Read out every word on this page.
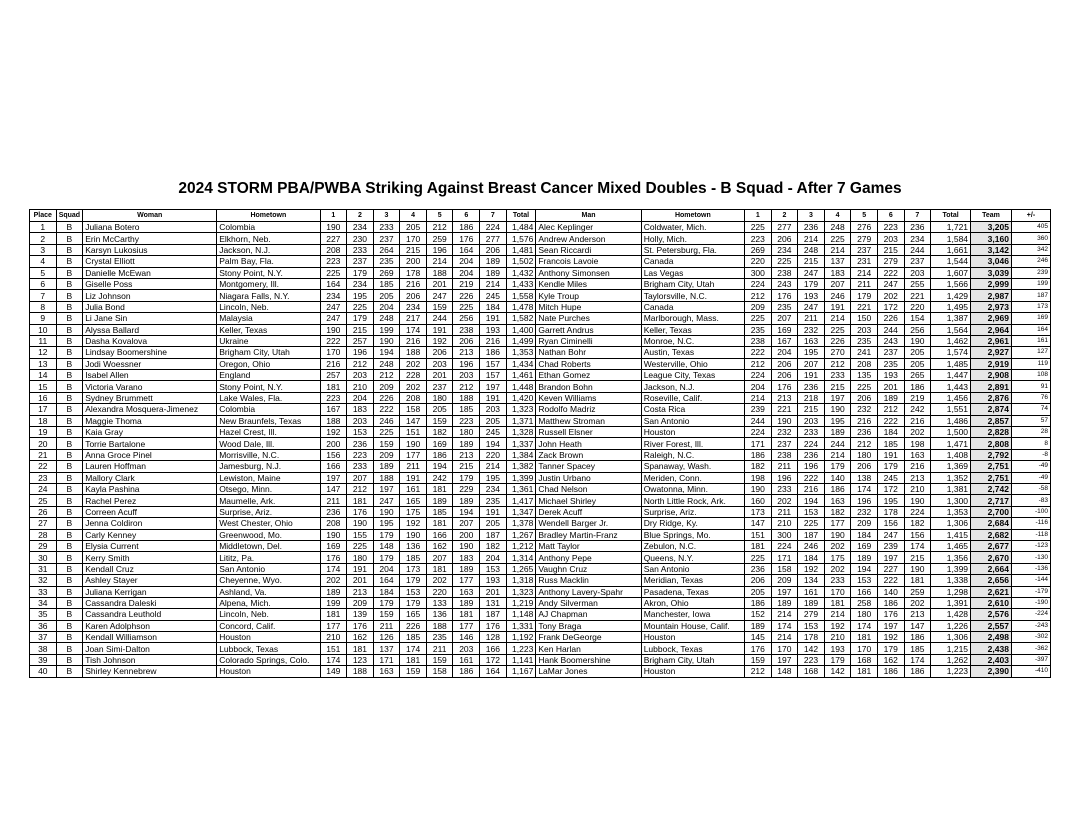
2024 STORM PBA/PWBA Striking Against Breast Cancer Mixed Doubles - B Squad - After 7 Games
Place	Squad	Woman	Hometown	1	2	3	4	5	6	7	Total	Man	Hometown	1	2	3	4	5	6	7	Total	Team	+/-
1	B	Juliana Botero	Colombia	190	234	233	205	212	186	224	1,484	Alec Keplinger	Coldwater, Mich.	225	277	236	248	276	223	236	1,721	3,205	405
2	B	Erin McCarthy	Elkhorn, Neb.	227	230	237	170	259	176	277	1,576	Andrew Anderson	Holly, Mich.	223	206	214	225	279	203	234	1,584	3,160	360
3	B	Karsyn Lukosius	Jackson, N.J.	208	233	264	215	196	164	206	1,481	Sean Riccardi	St. Petersburg, Fla.	269	234	248	214	237	215	244	1,661	3,142	342
4	B	Crystal Elliott	Palm Bay, Fla.	223	237	235	200	214	204	189	1,502	Francois Lavoie	Canada	220	225	215	137	231	279	237	1,544	3,046	246
5	B	Danielle McEwan	Stony Point, N.Y.	225	179	269	178	188	204	189	1,432	Anthony Simonsen	Las Vegas	300	238	247	183	214	222	203	1,607	3,039	239
6	B	Giselle Poss	Montgomery, Ill.	164	234	185	216	201	219	214	1,433	Kendle Miles	Brigham City, Utah	224	243	179	207	211	247	255	1,566	2,999	199
7	B	Liz Johnson	Niagara Falls, N.Y.	234	195	205	206	247	226	245	1,558	Kyle Troup	Taylorsville, N.C.	212	176	193	246	179	202	221	1,429	2,987	187
8	B	Julia Bond	Lincoln, Neb.	247	225	204	234	159	225	184	1,478	Mitch Hupe	Canada	209	235	247	191	221	172	220	1,495	2,973	173
9	B	Li Jane Sin	Malaysia	247	179	248	217	244	256	191	1,582	Nate Purches	Marlborough, Mass.	225	207	211	214	150	226	154	1,387	2,969	169
10	B	Alyssa Ballard	Keller, Texas	190	215	199	174	191	238	193	1,400	Garrett Andrus	Keller, Texas	235	169	232	225	203	244	256	1,564	2,964	164
11	B	Dasha Kovalova	Ukraine	222	257	190	216	192	206	216	1,499	Ryan Ciminelli	Monroe, N.C.	238	167	163	226	235	243	190	1,462	2,961	161
12	B	Lindsay Boomershine	Brigham City, Utah	170	196	194	188	206	213	186	1,353	Nathan Bohr	Austin, Texas	222	204	195	270	241	237	205	1,574	2,927	127
13	B	Jodi Woessner	Oregon, Ohio	216	212	248	202	203	196	157	1,434	Chad Roberts	Westerville, Ohio	212	206	207	212	208	235	205	1,485	2,919	119
14	B	Isabel Allen	England	257	203	212	228	201	203	157	1,461	Ethan Gomez	League City, Texas	224	206	191	233	135	193	265	1,447	2,908	108
15	B	Victoria Varano	Stony Point, N.Y.	181	210	209	202	237	212	197	1,448	Brandon Bohn	Jackson, N.J.	204	176	236	215	225	201	186	1,443	2,891	91
16	B	Sydney Brummett	Lake Wales, Fla.	223	204	226	208	180	188	191	1,420	Keven Williams	Roseville, Calif.	214	213	218	197	206	189	219	1,456	2,876	76
17	B	Alexandra Mosquera-Jimenez	Colombia	167	183	222	158	205	185	203	1,323	Rodolfo Madriz	Costa Rica	239	221	215	190	232	212	242	1,551	2,874	74
18	B	Maggie Thoma	New Braunfels, Texas	188	203	246	147	159	223	205	1,371	Matthew Stroman	San Antonio	244	190	203	195	216	222	216	1,486	2,857	57
19	B	Kaia Gray	Hazel Crest, Ill.	192	153	225	151	182	180	245	1,328	Russell Elsner	Houston	224	232	233	189	236	184	202	1,500	2,828	28
20	B	Torrie Bartalone	Wood Dale, Ill.	200	236	159	190	169	189	194	1,337	John Heath	River Forest, Ill.	171	237	224	244	212	185	198	1,471	2,808	8
21	B	Anna Groce Pinel	Morrisville, N.C.	156	223	209	177	186	213	220	1,384	Zack Brown	Raleigh, N.C.	186	238	236	214	180	191	163	1,408	2,792	-8
22	B	Lauren Hoffman	Jamesburg, N.J.	166	233	189	211	194	215	214	1,382	Tanner Spacey	Spanaway, Wash.	182	211	196	179	206	179	216	1,369	2,751	-49
23	B	Mallory Clark	Lewiston, Maine	197	207	188	191	242	179	195	1,399	Justin Urbano	Meriden, Conn.	198	196	222	140	138	245	213	1,352	2,751	-49
24	B	Kayla Pashina	Otsego, Minn.	147	212	197	161	181	229	234	1,361	Chad Nelson	Owatonna, Minn.	190	233	216	186	174	172	210	1,381	2,742	-58
25	B	Rachel Perez	Maumelle, Ark.	211	181	247	165	189	189	235	1,417	Michael Shirley	North Little Rock, Ark.	160	202	194	163	196	195	190	1,300	2,717	-83
26	B	Correen Acuff	Surprise, Ariz.	236	176	190	175	185	194	191	1,347	Derek Acuff	Surprise, Ariz.	173	211	153	182	232	178	224	1,353	2,700	-100
27	B	Jenna Coldiron	West Chester, Ohio	208	190	195	192	181	207	205	1,378	Wendell Barger Jr.	Dry Ridge, Ky.	147	210	225	177	209	156	182	1,306	2,684	-116
28	B	Carly Kenney	Greenwood, Mo.	190	155	179	190	166	200	187	1,267	Bradley Martin-Franz	Blue Springs, Mo.	151	300	187	190	184	247	156	1,415	2,682	-118
29	B	Elysia Current	Middletown, Del.	169	225	148	136	162	190	182	1,212	Matt Taylor	Zebulon, N.C.	181	224	246	202	169	239	174	1,465	2,677	-123
30	B	Kerry Smith	Lititz, Pa.	176	180	179	185	207	183	204	1,314	Anthony Pepe	Queens, N.Y.	225	171	184	175	189	197	215	1,356	2,670	-130
31	B	Kendall Cruz	San Antonio	174	191	204	173	181	189	153	1,265	Vaughn Cruz	San Antonio	236	158	192	202	194	227	190	1,399	2,664	-136
32	B	Ashley Stayer	Cheyenne, Wyo.	202	201	164	179	202	177	193	1,318	Russ Macklin	Meridian, Texas	206	209	134	233	153	222	181	1,338	2,656	-144
33	B	Juliana Kerrigan	Ashland, Va.	189	213	184	153	220	163	201	1,323	Anthony Lavery-Spahr	Pasadena, Texas	205	197	161	170	166	140	259	1,298	2,621	-179
34	B	Cassandra Daleski	Alpena, Mich.	199	209	179	179	133	189	131	1,219	Andy Silverman	Akron, Ohio	186	189	189	181	258	186	202	1,391	2,610	-190
35	B	Cassandra Leuthold	Lincoln, Neb.	181	139	159	165	136	181	187	1,148	AJ Chapman	Manchester, Iowa	152	214	279	214	180	176	213	1,428	2,576	-224
36	B	Karen Adolphson	Concord, Calif.	177	176	211	226	188	177	176	1,331	Tony Braga	Mountain House, Calif.	189	174	153	192	174	197	147	1,226	2,557	-243
37	B	Kendall Williamson	Houston	210	162	126	185	235	146	128	1,192	Frank DeGeorge	Houston	145	214	178	210	181	192	186	1,306	2,498	-302
38	B	Joan Simi-Dalton	Lubbock, Texas	151	181	137	174	211	203	166	1,223	Ken Harlan	Lubbock, Texas	176	170	142	193	170	179	185	1,215	2,438	-362
39	B	Tish Johnson	Colorado Springs, Colo.	174	123	171	181	159	161	172	1,141	Hank Boomershine	Brigham City, Utah	159	197	223	179	168	162	174	1,262	2,403	-397
40	B	Shirley Kennebrew	Houston	149	188	163	159	158	186	164	1,167	LaMar Jones	Houston	212	148	168	142	181	186	186	1,223	2,390	-410
